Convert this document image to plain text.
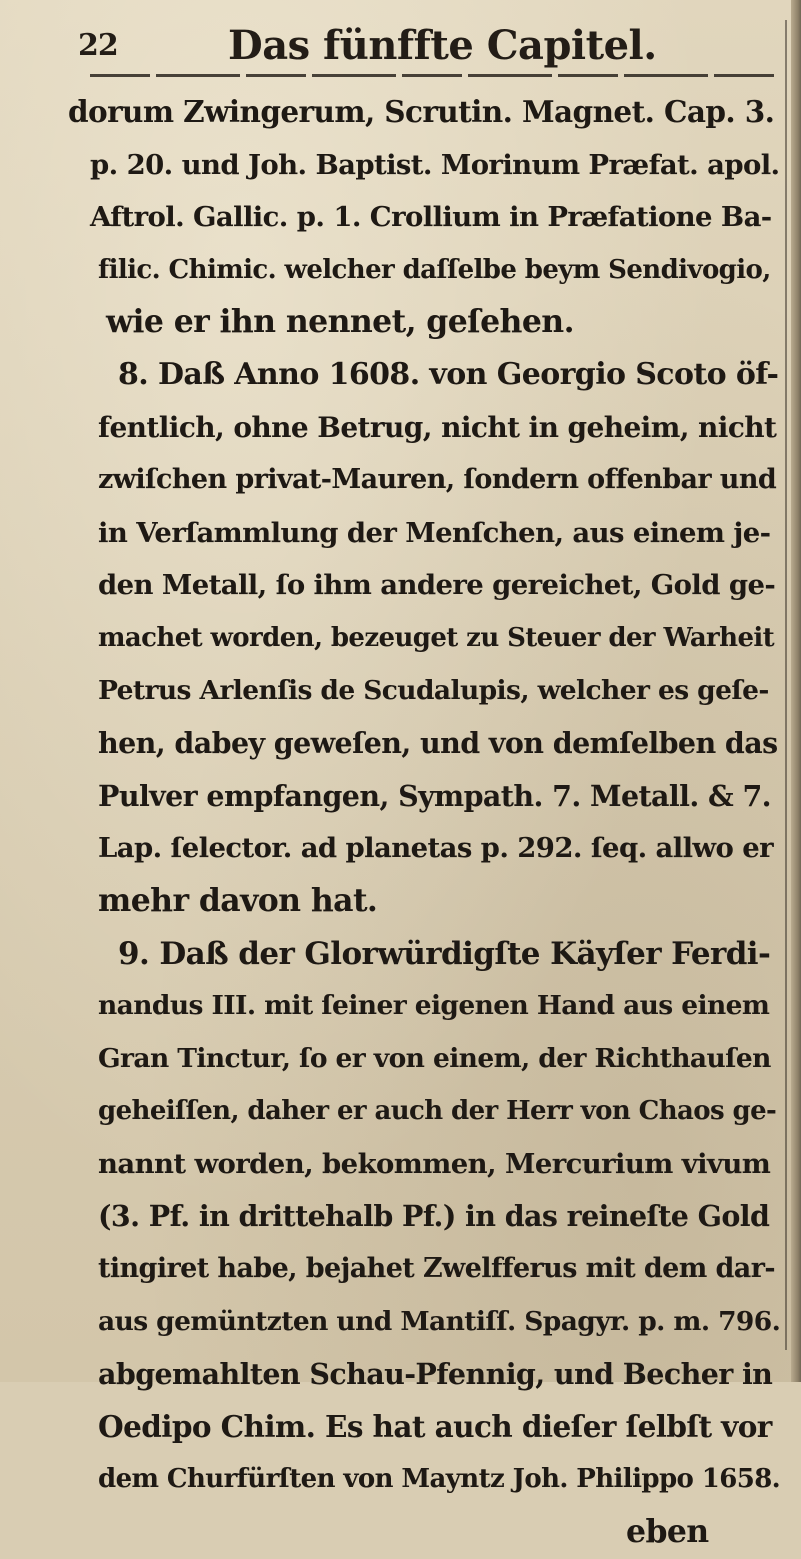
22	Das fünffte Capitel.
dorum Zwingerum, Scrutin. Magnet. Cap. 3.
p. 20. und Joh. Baptist. Morinum Præfat. apol.
Aftrol. Gallic. p. 1. Crollium in Præfatione Ba-
filic. Chimic. welcher daſſelbe beym Sendivogio,
wie er ihn nennet, geſehen.
8. Daß Anno 1608. von Georgio Scoto öf-
fentlich, ohne Betrug, nicht in geheim, nicht
zwiſchen privat-Mauren, ſondern offenbar und
in Verſammlung der Menſchen, aus einem je-
den Metall, ſo ihm andere gereichet, Gold ge-
machet worden, bezeuget zu Steuer der Warheit
Petrus Arlenſis de Scudalupis, welcher es geſe-
hen, dabey geweſen, und von demſelben das
Pulver empfangen, Sympath. 7. Metall. & 7.
Lap. ſelector. ad planetas p. 292. ſeq. allwo er
mehr davon hat.
9. Daß der Glorwürdigſte Käyſer Ferdi-
nandus III. mit ſeiner eigenen Hand aus einem
Gran Tinctur, ſo er von einem, der Richthauſen
geheiſſen, daher er auch der Herr von Chaos ge-
nannt worden, bekommen, Mercurium vivum
(3. Pf. in drittehalb Pf.) in das reineſte Gold
tingiret habe, bejahet Zwelfferus mit dem dar-
aus gemüntzten und Mantiſſ. Spagyr. p. m. 796.
abgemahlten Schau-Pfennig, und Becher in
Oedipo Chim. Es hat auch dieſer ſelbſt vor
dem Churfürſten von Mayntz Joh. Philippo 1658.
eben
